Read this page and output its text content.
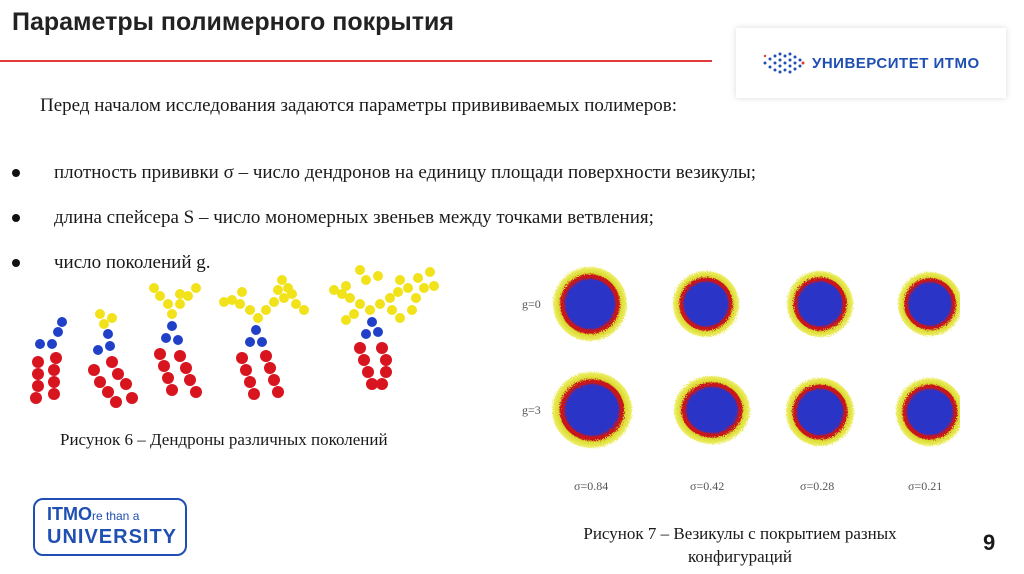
Параметры полимерного покрытия
УНИВЕРСИТЕТ ИТМО
Перед началом исследования задаются параметры привививаемых полимеров:
плотность прививки σ – число дендронов на единицу площади поверхности везикулы;
длина спейсера S – число мономерных звеньев между точками ветвления;
число поколений g.
Рисунок 6 – Дендроны различных поколений
g=0
g=3
σ=0.84	σ=0.42	σ=0.28	σ=0.21
Рисунок 7 – Везикулы с покрытием разных
конфигураций
ITMOre than a
UNIVERSITY	9
